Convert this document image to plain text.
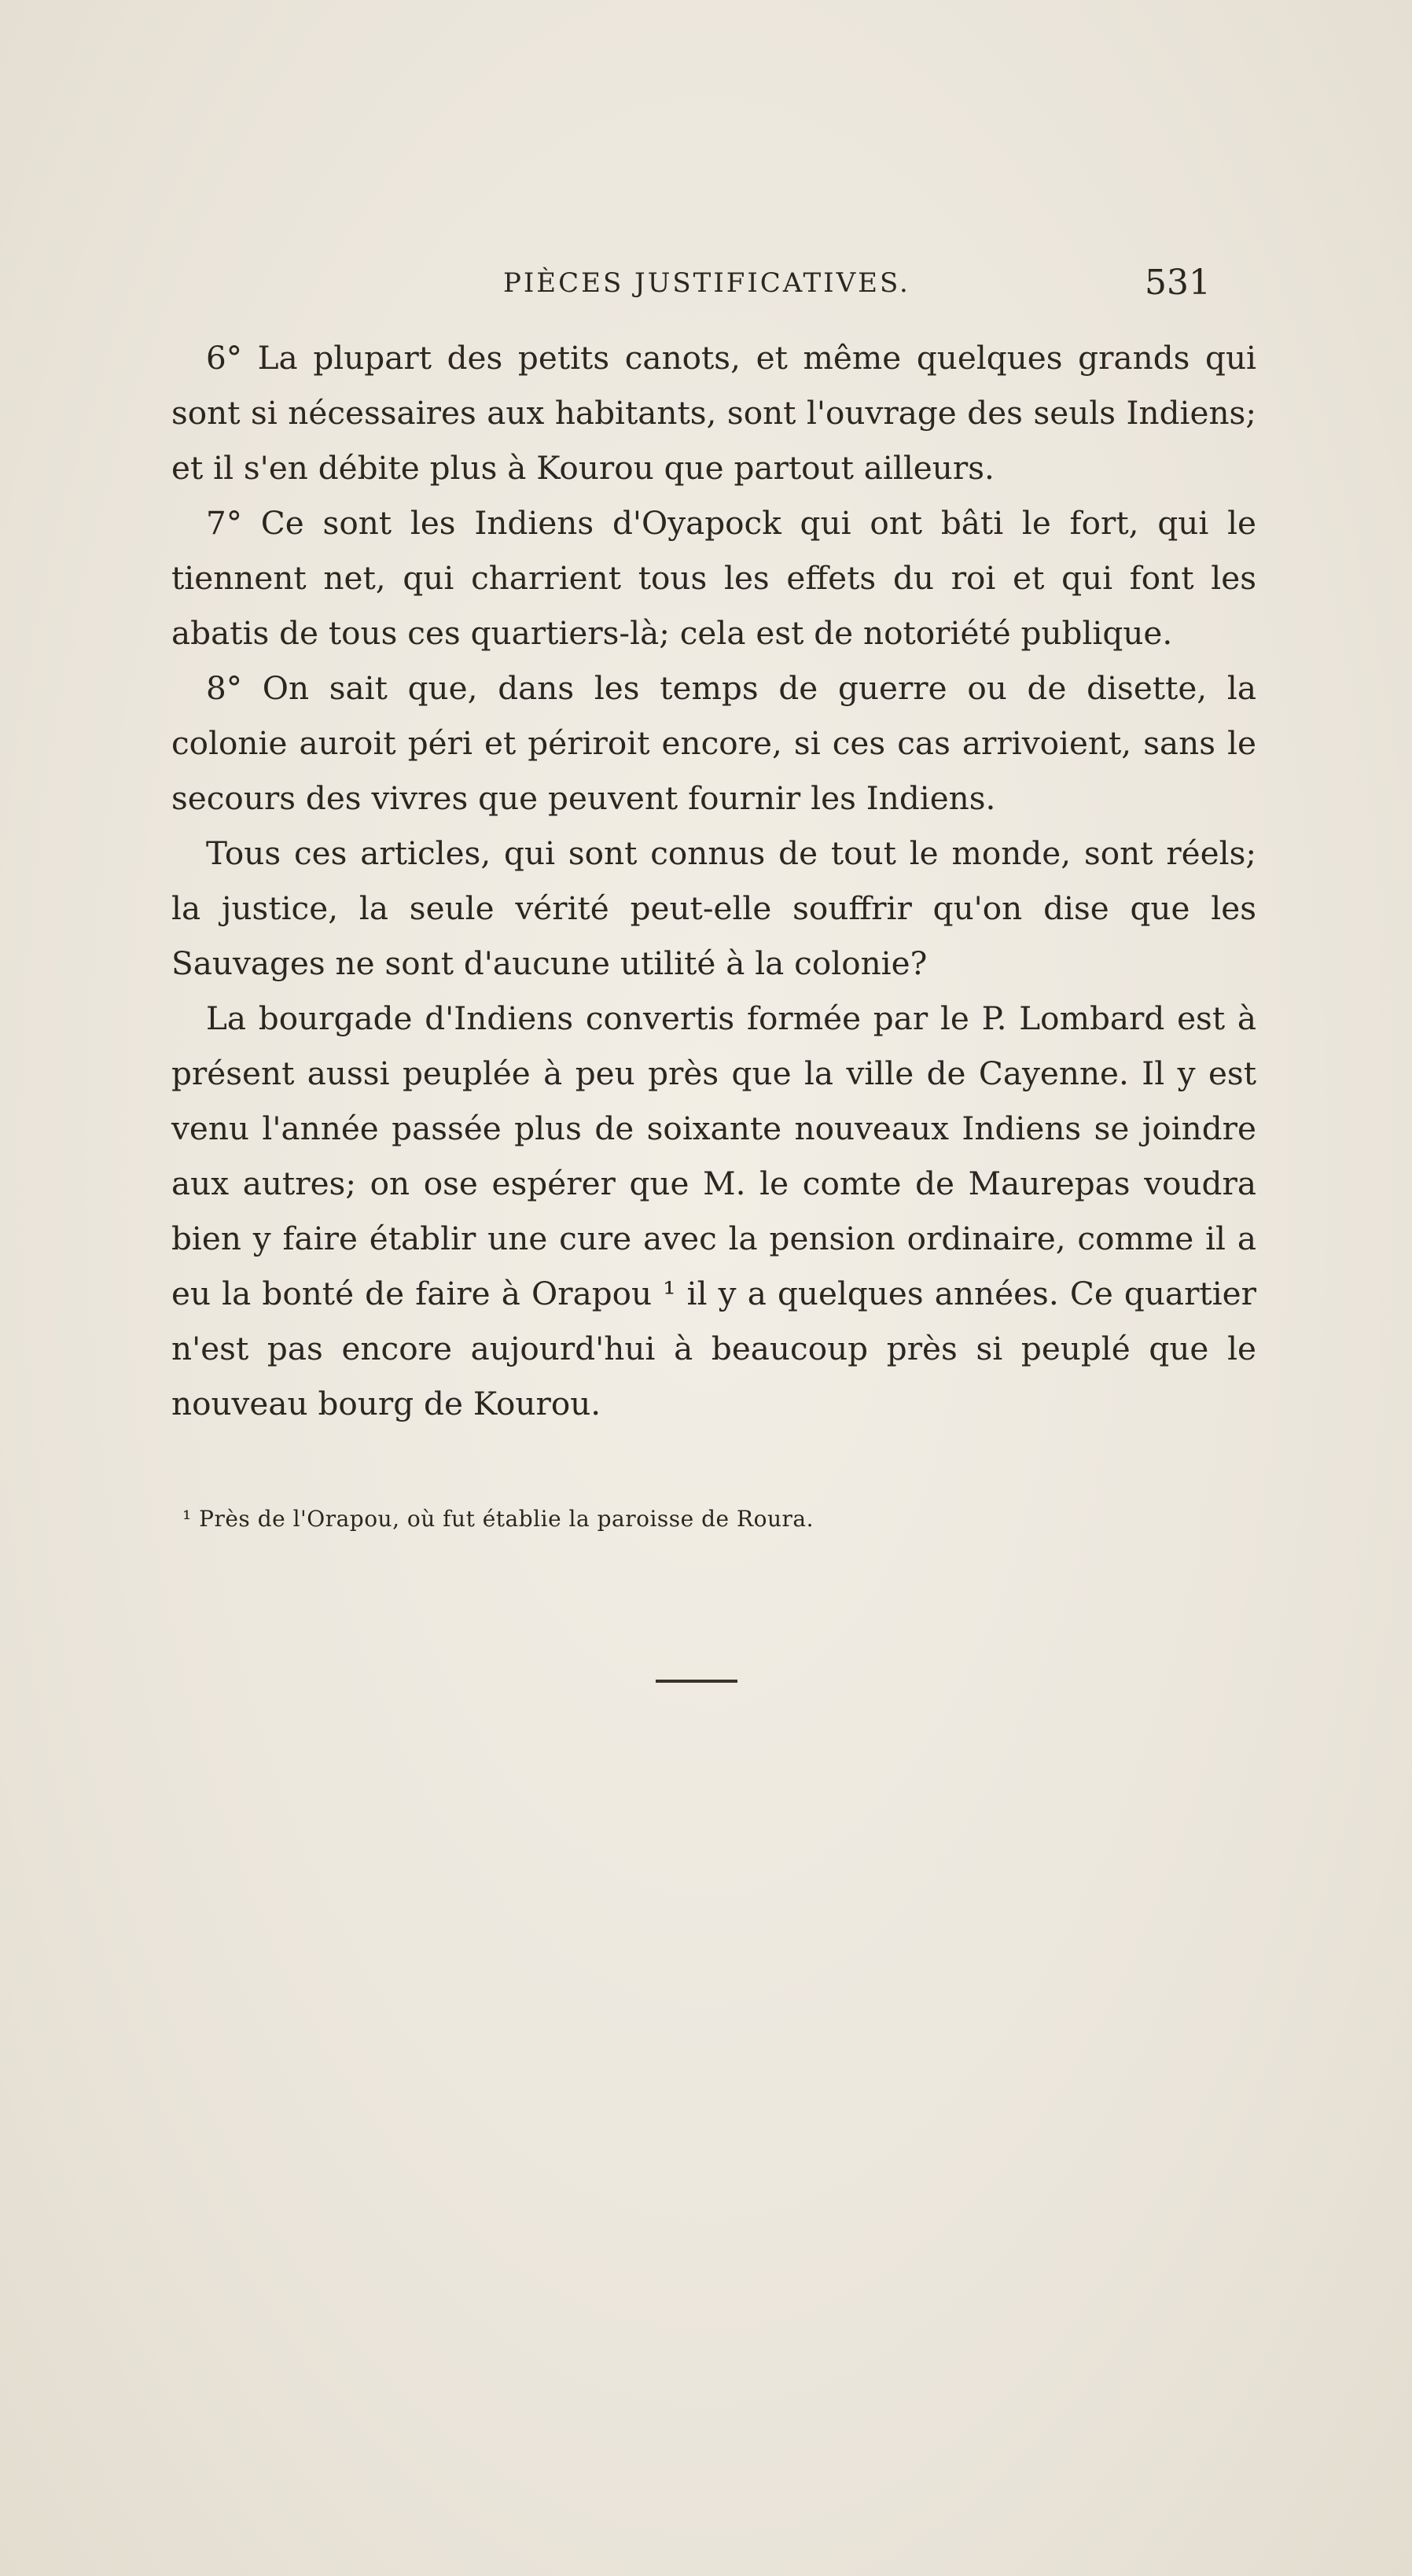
PIÈCES JUSTIFICATIVES.	531

6° La plupart des petits canots, et même quelques grands qui sont si nécessaires aux habitants, sont l'ouvrage des seuls Indiens; et il s'en débite plus à Kourou que partout ailleurs.

7° Ce sont les Indiens d'Oyapock qui ont bâti le fort, qui le tiennent net, qui charrient tous les effets du roi et qui font les abatis de tous ces quartiers-là; cela est de notoriété publique.

8° On sait que, dans les temps de guerre ou de disette, la colonie auroit péri et périroit encore, si ces cas arrivoient, sans le secours des vivres que peuvent fournir les Indiens.

Tous ces articles, qui sont connus de tout le monde, sont réels; la justice, la seule vérité peut-elle souffrir qu'on dise que les Sauvages ne sont d'aucune utilité à la colonie?

La bourgade d'Indiens convertis formée par le P. Lombard est à présent aussi peuplée à peu près que la ville de Cayenne. Il y est venu l'année passée plus de soixante nouveaux Indiens se joindre aux autres; on ose espérer que M. le comte de Maurepas voudra bien y faire établir une cure avec la pension ordinaire, comme il a eu la bonté de faire à Orapou ¹ il y a quelques années. Ce quartier n'est pas encore aujourd'hui à beaucoup près si peuplé que le nouveau bourg de Kourou.

¹ Près de l'Orapou, où fut établie la paroisse de Roura.
